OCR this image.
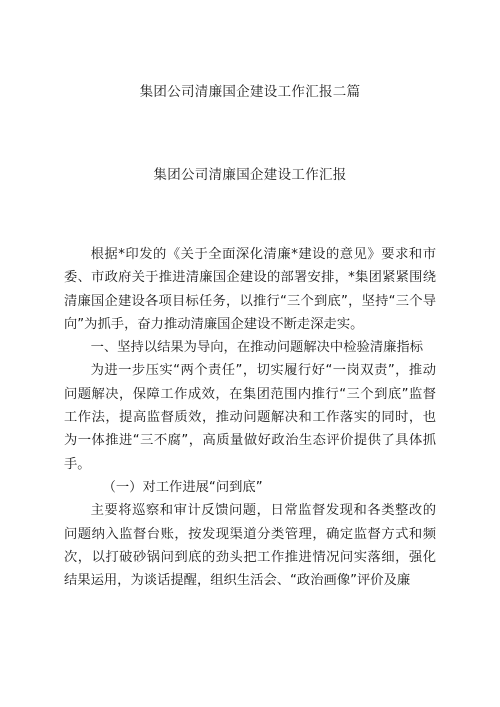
集团公司清廉国企建设工作汇报二篇
集团公司清廉国企建设工作汇报

根据*印发的《关于全面深化清廉*建设的意见》要求和市委、市政府关于推进清廉国企建设的部署安排，*集团紧紧围绕清廉国企建设各项目标任务，以推行“三个到底”，坚持“三个导向”为抓手，奋力推动清廉国企建设不断走深走实。

一、坚持以结果为导向，在推动问题解决中检验清廉指标

为进一步压实“两个责任”，切实履行好“一岗双责”，推动问题解决，保障工作成效，在集团范围内推行“三个到底”监督工作法，提高监督质效，推动问题解决和工作落实的同时，也为一体推进“三不腐”，高质量做好政治生态评价提供了具体抓手。

（一）对工作进展“问到底”

主要将巡察和审计反馈问题，日常监督发现和各类整改的问题纳入监督台账，按发现渠道分类管理，确定监督方式和频次，以打破砂锅问到底的劲头把工作推进情况问实落细，强化结果运用，为谈话提醒，组织生活会、“政治画像”评价及廉
